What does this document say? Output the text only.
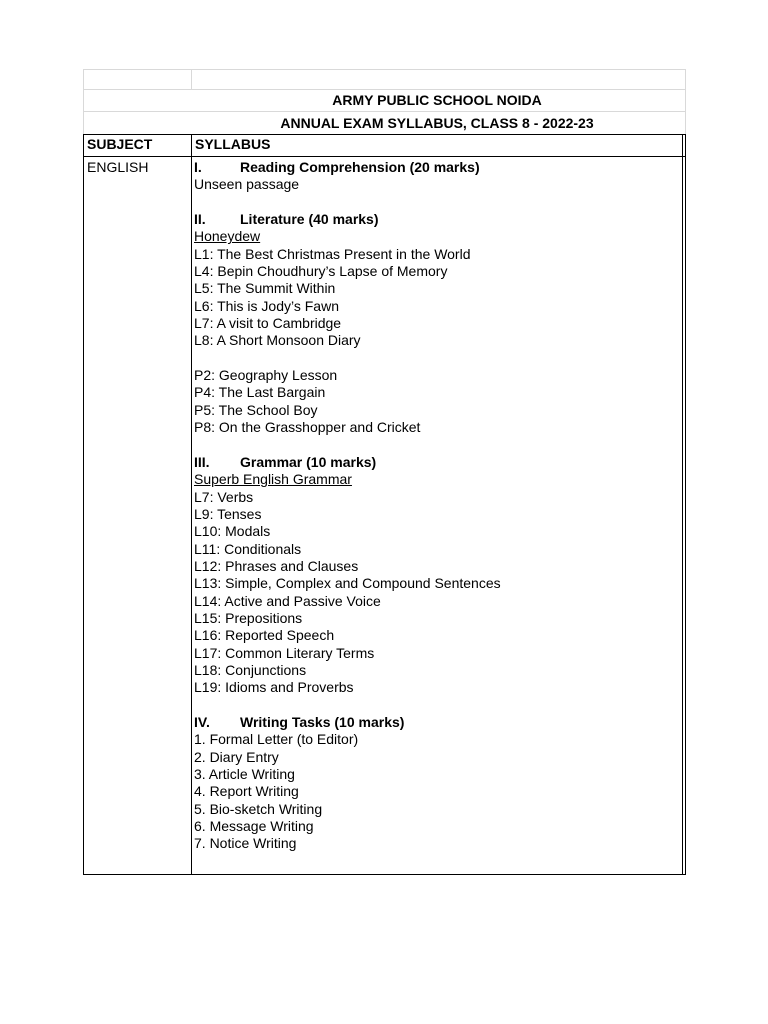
ARMY PUBLIC SCHOOL NOIDA
ANNUAL EXAM SYLLABUS, CLASS 8 - 2022-23
SUBJECT	SYLLABUS
ENGLISH	I.	Reading Comprehension (20 marks)
Unseen passage
II. Literature (40 marks)
Honeydew
L1: The Best Christmas Present in the World
L4: Bepin Choudhury’s Lapse of Memory
L5: The Summit Within
L6: This is Jody’s Fawn
L7: A visit to Cambridge
L8: A Short Monsoon Diary
P2: Geography Lesson
P4: The Last Bargain
P5: The School Boy
P8: On the Grasshopper and Cricket
III. Grammar (10 marks)
Superb English Grammar
L7: Verbs
L9: Tenses
L10: Modals
L11: Conditionals
L12: Phrases and Clauses
L13: Simple, Complex and Compound Sentences
L14: Active and Passive Voice
L15: Prepositions
L16: Reported Speech
L17: Common Literary Terms
L18: Conjunctions
L19: Idioms and Proverbs
IV. Writing Tasks (10 marks)
1. Formal Letter (to Editor)
2. Diary Entry
3. Article Writing
4. Report Writing
5. Bio-sketch Writing
6. Message Writing
7. Notice Writing
